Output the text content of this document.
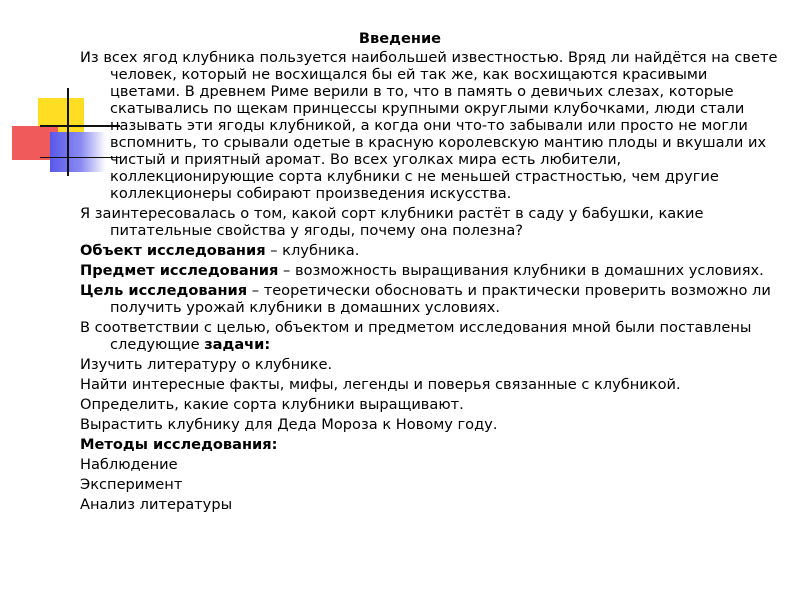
Введение

Из всех ягод клубника пользуется наибольшей известностью. Вряд ли найдётся на свете человек, который не восхищался бы ей так же, как восхищаются красивыми цветами. В древнем Риме верили в то, что в память о девичьих слезах, которые скатывались по щекам принцессы крупными округлыми клубочками, люди стали называть эти ягоды клубникой, а когда они что-то забывали или просто не могли вспомнить, то срывали одетые в красную королевскую мантию плоды и вкушали их чистый и приятный аромат. Во всех уголках мира есть любители, коллекционирующие сорта клубники с не меньшей страстностью, чем другие коллекционеры собирают произведения искусства.

Я заинтересовалась о том, какой сорт клубники растёт в саду у бабушки, какие питательные свойства у ягоды, почему она полезна?

Объект исследования – клубника.

Предмет исследования – возможность выращивания клубники в домашних условиях.

Цель исследования – теоретически обосновать и практически проверить возможно ли получить урожай клубники в домашних условиях.

В соответствии с целью, объектом и предметом исследования мной были поставлены следующие задачи:

Изучить литературу о клубнике.

Найти интересные факты, мифы, легенды и поверья связанные с клубникой.

Определить, какие сорта клубники выращивают.

Вырастить клубнику для Деда Мороза к Новому году.

Методы исследования:

Наблюдение

Эксперимент

Анализ литературы
